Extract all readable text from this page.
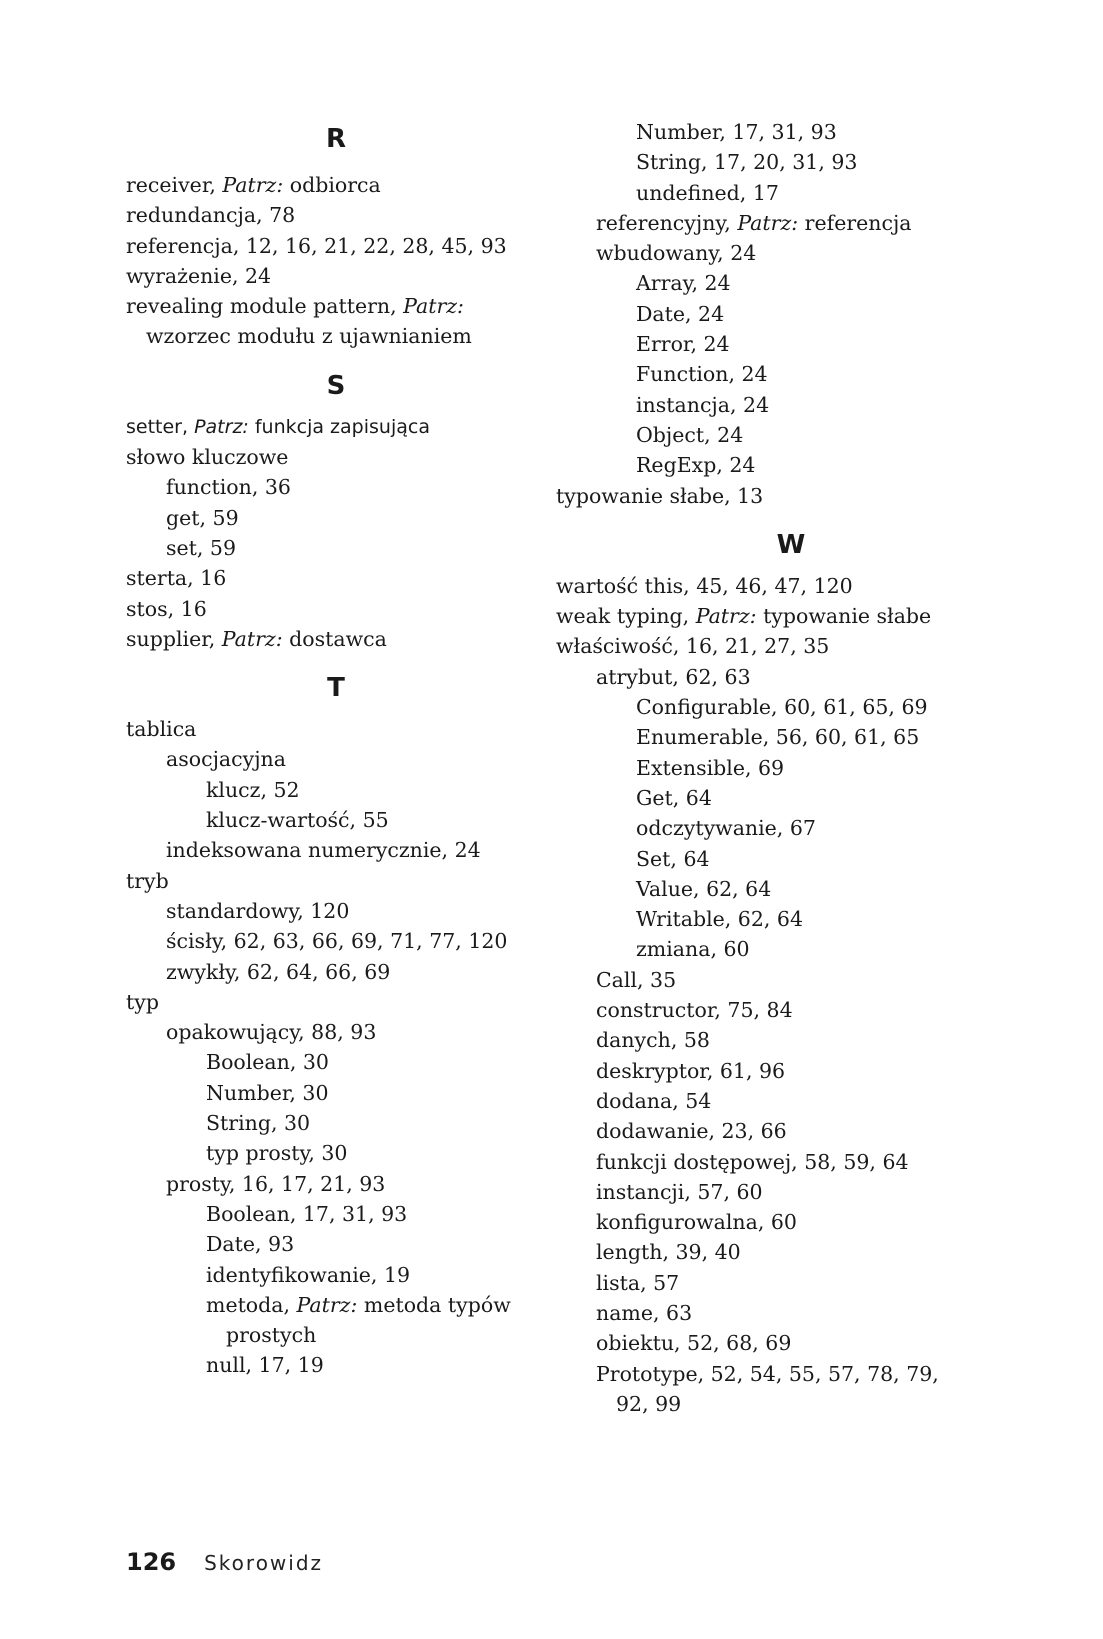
R
receiver, Patrz: odbiorca
redundancja, 78
referencja, 12, 16, 21, 22, 28, 45, 93
wyrażenie, 24
revealing module pattern, Patrz:
wzorzec modułu z ujawnianiem
S
setter, Patrz: funkcja zapisująca
słowo kluczowe
function, 36
get, 59
set, 59
sterta, 16
stos, 16
supplier, Patrz: dostawca
T
tablica
asocjacyjna
klucz, 52
klucz-wartość, 55
indeksowana numerycznie, 24
tryb
standardowy, 120
ścisły, 62, 63, 66, 69, 71, 77, 120
zwykły, 62, 64, 66, 69
typ
opakowujący, 88, 93
Boolean, 30
Number, 30
String, 30
typ prosty, 30
prosty, 16, 17, 21, 93
Boolean, 17, 31, 93
Date, 93
identyfikowanie, 19
metoda, Patrz: metoda typów
prostych
null, 17, 19
Number, 17, 31, 93
String, 17, 20, 31, 93
undefined, 17
referencyjny, Patrz: referencja
wbudowany, 24
Array, 24
Date, 24
Error, 24
Function, 24
instancja, 24
Object, 24
RegExp, 24
typowanie słabe, 13
W
wartość this, 45, 46, 47, 120
weak typing, Patrz: typowanie słabe
właściwość, 16, 21, 27, 35
atrybut, 62, 63
Configurable, 60, 61, 65, 69
Enumerable, 56, 60, 61, 65
Extensible, 69
Get, 64
odczytywanie, 67
Set, 64
Value, 62, 64
Writable, 62, 64
zmiana, 60
Call, 35
constructor, 75, 84
danych, 58
deskryptor, 61, 96
dodana, 54
dodawanie, 23, 66
funkcji dostępowej, 58, 59, 64
instancji, 57, 60
konfigurowalna, 60
length, 39, 40
lista, 57
name, 63
obiektu, 52, 68, 69
Prototype, 52, 54, 55, 57, 78, 79,
92, 99
126 Skorowidz
